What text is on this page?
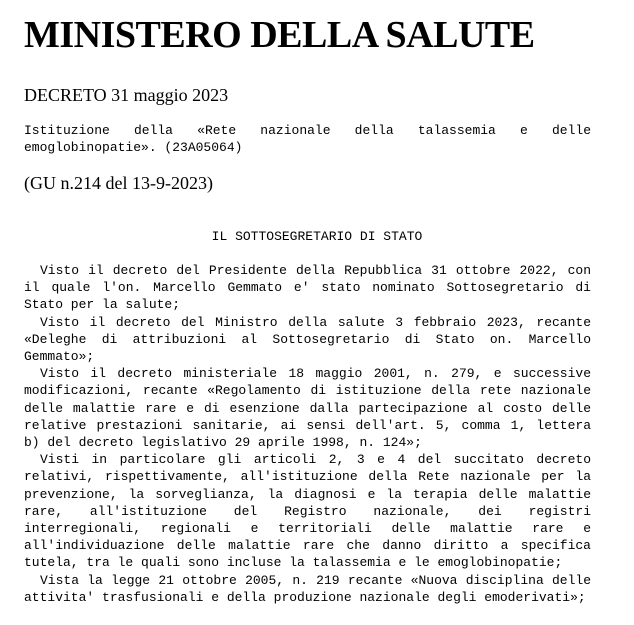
MINISTERO DELLA SALUTE
DECRETO 31 maggio 2023
Istituzione della «Rete nazionale della talassemia e delle emoglobinopatie». (23A05064)
(GU n.214 del 13-9-2023)
IL SOTTOSEGRETARIO DI STATO

Visto il decreto del Presidente della Repubblica 31 ottobre 2022, con il quale l'on. Marcello Gemmato e' stato nominato Sottosegretario di Stato per la salute;

Visto il decreto del Ministro della salute 3 febbraio 2023, recante «Deleghe di attribuzioni al Sottosegretario di Stato on. Marcello Gemmato»;

Visto il decreto ministeriale 18 maggio 2001, n. 279, e successive modificazioni, recante «Regolamento di istituzione della rete nazionale delle malattie rare e di esenzione dalla partecipazione al costo delle relative prestazioni sanitarie, ai sensi dell'art. 5, comma 1, lettera b) del decreto legislativo 29 aprile 1998, n. 124»;

Visti in particolare gli articoli 2, 3 e 4 del succitato decreto relativi, rispettivamente, all'istituzione della Rete nazionale per la prevenzione, la sorveglianza, la diagnosi e la terapia delle malattie rare, all'istituzione del Registro nazionale, dei registri interregionali, regionali e territoriali delle malattie rare e all'individuazione delle malattie rare che danno diritto a specifica tutela, tra le quali sono incluse la talassemia e le emoglobinopatie;

Vista la legge 21 ottobre 2005, n. 219 recante «Nuova disciplina delle attivita' trasfusionali e della produzione nazionale degli emoderivati»;
